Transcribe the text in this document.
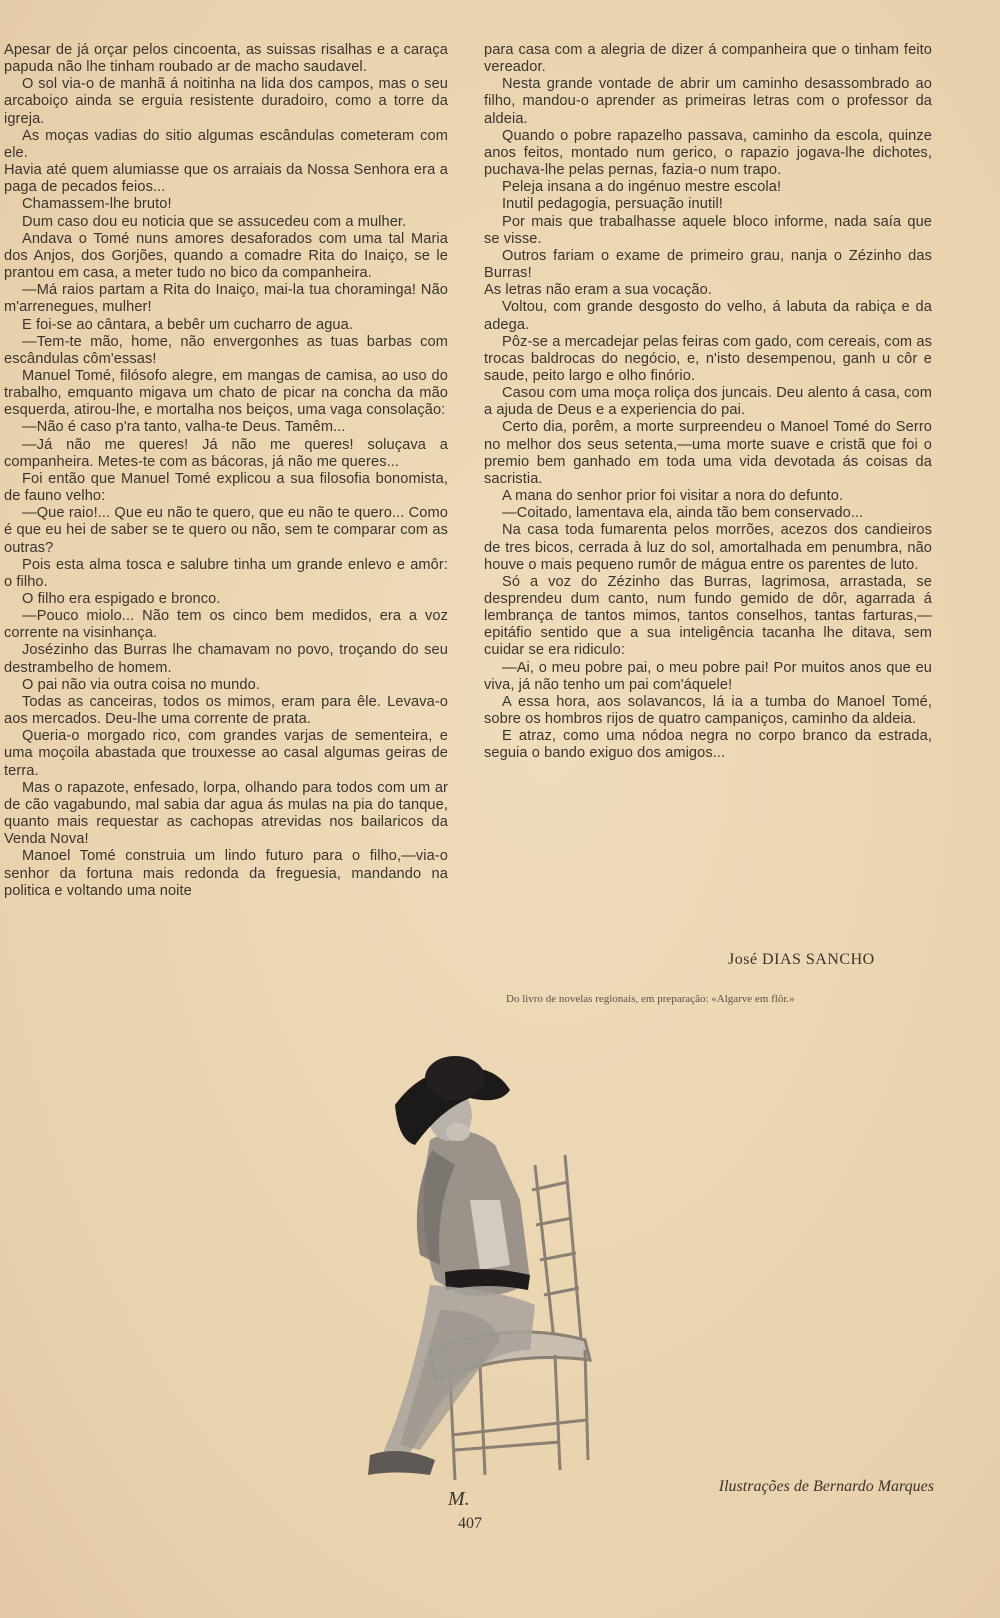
Apesar de já orçar pelos cincoenta, as suissas risalhas e a caraça papuda não lhe tinham roubado ar de macho saudavel.

O sol via-o de manhã á noitinha na lida dos campos, mas o seu arcaboiço ainda se erguia resistente duradoiro, como a torre da igreja.

As moças vadias do sitio algumas escândulas cometeram com ele.

Havia até quem alumiasse que os arraiais da Nossa Senhora era a paga de pecados feios...

Chamassem-lhe bruto!

Dum caso dou eu noticia que se assucedeu com a mulher.

Andava o Tomé nuns amores desaforados com uma tal Maria dos Anjos, dos Gorjões, quando a comadre Rita do Inaiço, se le prantou em casa, a meter tudo no bico da companheira.

—Má raios partam a Rita do Inaiço, mai-la tua choraminga! Não m'arrenegues, mulher!

E foi-se ao cântara, a bebêr um cucharro de agua.

—Tem-te mão, home, não envergonhes as tuas barbas com escândulas côm'essas!

Manuel Tomé, filósofo alegre, em mangas de camisa, ao uso do trabalho, emquanto migava um chato de picar na concha da mão esquerda, atirou-lhe, e mortalha nos beiços, uma vaga consolação:

—Não é caso p'ra tanto, valha-te Deus. Tamêm...

—Já não me queres! Já não me queres! soluçava a companheira. Metes-te com as bácoras, já não me queres...

Foi então que Manuel Tomé explicou a sua filosofia bonomista, de fauno velho:

—Que raio!... Que eu não te quero, que eu não te quero... Como é que eu hei de saber se te quero ou não, sem te comparar com as outras?

Pois esta alma tosca e salubre tinha um grande enlevo e amôr: o filho.

O filho era espigado e bronco.

—Pouco miolo... Não tem os cinco bem medidos, era a voz corrente na visinhança.

Josézinho das Burras lhe chamavam no povo, troçando do seu destrambelho de homem.

O pai não via outra coisa no mundo.

Todas as canceiras, todos os mimos, eram para êle. Levava-o aos mercados. Deu-lhe uma corrente de prata.

Queria-o morgado rico, com grandes varjas de sementeira, e uma moçoila abastada que trouxesse ao casal algumas geiras de terra.

Mas o rapazote, enfesado, lorpa, olhando para todos com um ar de cão vagabundo, mal sabia dar agua ás mulas na pia do tanque, quanto mais requestar as cachopas atrevidas nos bailaricos da Venda Nova!

Manoel Tomé construia um lindo futuro para o filho,—via-o senhor da fortuna mais redonda da freguesia, mandando na politica e voltando uma noite

para casa com a alegria de dizer á companheira que o tinham feito vereador.

Nesta grande vontade de abrir um caminho desassombrado ao filho, mandou-o aprender as primeiras letras com o professor da aldeia.

Quando o pobre rapazelho passava, caminho da escola, quinze anos feitos, montado num gerico, o rapazio jogava-lhe dichotes, puchava-lhe pelas pernas, fazia-o num trapo.

Peleja insana a do ingénuo mestre escola!

Inutil pedagogia, persuação inutil!

Por mais que trabalhasse aquele bloco informe, nada saía que se visse.

Outros fariam o exame de primeiro grau, nanja o Zézinho das Burras!

As letras não eram a sua vocação.

Voltou, com grande desgosto do velho, á labuta da rabiça e da adega.

Pôz-se a mercadejar pelas feiras com gado, com cereais, com as trocas baldrocas do negócio, e, n'isto desempenou, ganh u côr e saude, peito largo e olho finório.

Casou com uma moça roliça dos juncais. Deu alento á casa, com a ajuda de Deus e a experiencia do pai.

Certo dia, porêm, a morte surpreendeu o Manoel Tomé do Serro no melhor dos seus setenta,—uma morte suave e cristã que foi o premio bem ganhado em toda uma vida devotada ás coisas da sacristia.

A mana do senhor prior foi visitar a nora do defunto.

—Coitado, lamentava ela, ainda tão bem conservado...

Na casa toda fumarenta pelos morrões, acezos dos candieiros de tres bicos, cerrada à luz do sol, amortalhada em penumbra, não houve o mais pequeno rumôr de mágua entre os parentes de luto.

Só a voz do Zézinho das Burras, lagrimosa, arrastada, se desprendeu dum canto, num fundo gemido de dôr, agarrada á lembrança de tantos mimos, tantos conselhos, tantas farturas,—epitáfio sentido que a sua inteligência tacanha lhe ditava, sem cuidar se era ridiculo:

—Ai, o meu pobre pai, o meu pobre pai! Por muitos anos que eu viva, já não tenho um pai com'áquele!

A essa hora, aos solavancos, lá ia a tumba do Manoel Tomé, sobre os hombros rijos de quatro campaniços, caminho da aldeia.

E atraz, como uma nódoa negra no corpo branco da estrada, seguia o bando exiguo dos amigos...

José DIAS SANCHO
Do livro de novelas regionais, em preparação: «Algarve em flôr.»
M.
Ilustrações de Bernardo Marques
407
